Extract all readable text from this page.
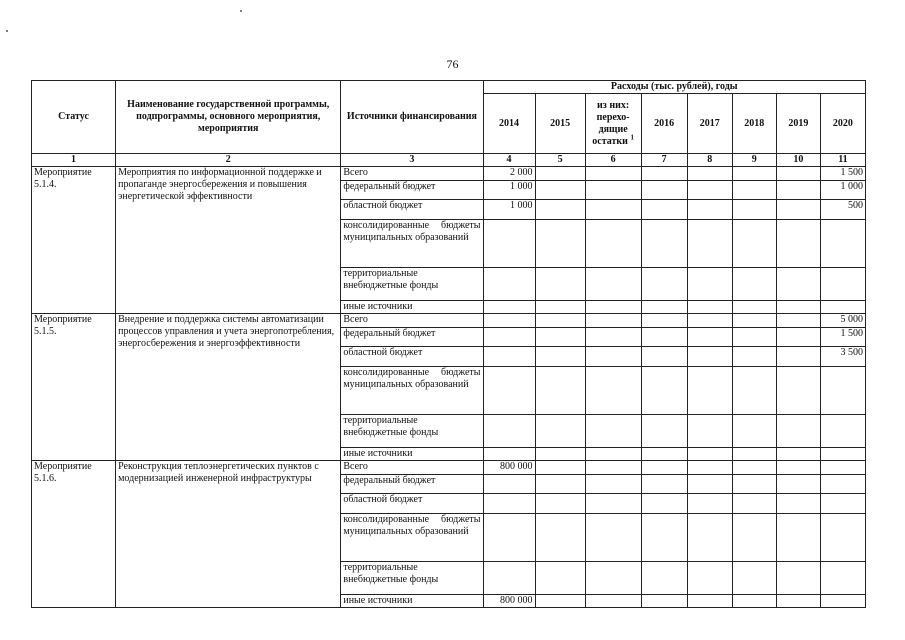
76
Статус	Наименование государственной программы, подпрограммы, основного мероприятия, мероприятия	Источники финансирования	Расходы (тыс. рублей), годы							
			2014	2015	из них: перехо- дящие остатки $^1$	2016	2017	2018	2019	2020
1	2	3	4	5	6	7	8	9	10	11
Мероприятие 5.1.4.	Мероприятия по информационной поддержке и пропаганде энергосбережения и повышения энергетической эффективности	Всего	2 000							1 500
		федеральный бюджет	1 000							1 000
		областной бюджет	1 000							500
		консолидированные бюджеты муниципальных образований								
		территориальные внебюджетные фонды								
		иные источники								
Мероприятие 5.1.5.	Внедрение и поддержка системы автоматизации процессов управления и учета энергопотребления, энергосбережения и энергоэффективности	Всего								5 000
		федеральный бюджет								1 500
		областной бюджет								3 500
		консолидированные бюджеты муниципальных образований								
		территориальные внебюджетные фонды								
		иные источники								
Мероприятие 5.1.6.	Реконструкция теплоэнергетических пунктов с модернизацией инженерной инфраструктуры	Всего	800 000							
		федеральный бюджет								
		областной бюджет								
		консолидированные бюджеты муниципальных образований								
		территориальные внебюджетные фонды								
		иные источники	800 000							
